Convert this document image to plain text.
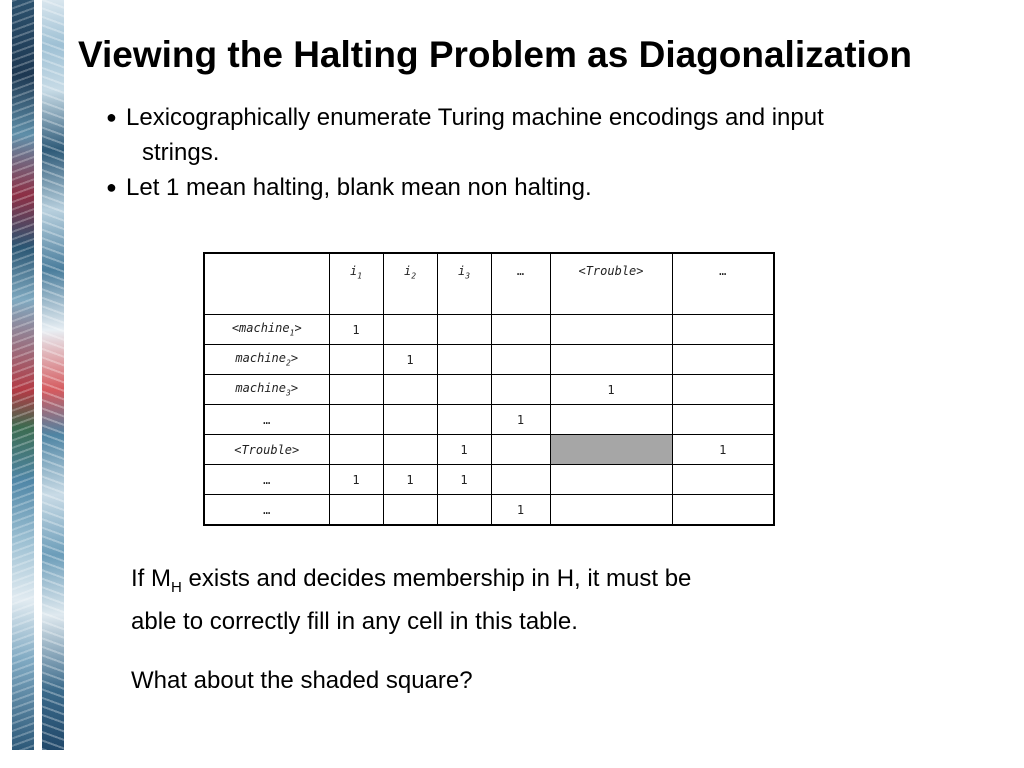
Viewing the Halting Problem as Diagonalization
● Lexicographically enumerate Turing machine encodings and input
strings.
● Let 1 mean halting, blank mean non halting.
	$i_1$	$i_2$	$i_3$	…	<Trouble>	…
<machine$_1$>	1					
machine$_2$>		1				
machine$_3$>					1	
…				1		
<Trouble>			1			1
…	1	1	1			
…				1		

If $M_H$ exists and decides membership in H, it must be
able to correctly fill in any cell in this table.

What about the shaded square?
